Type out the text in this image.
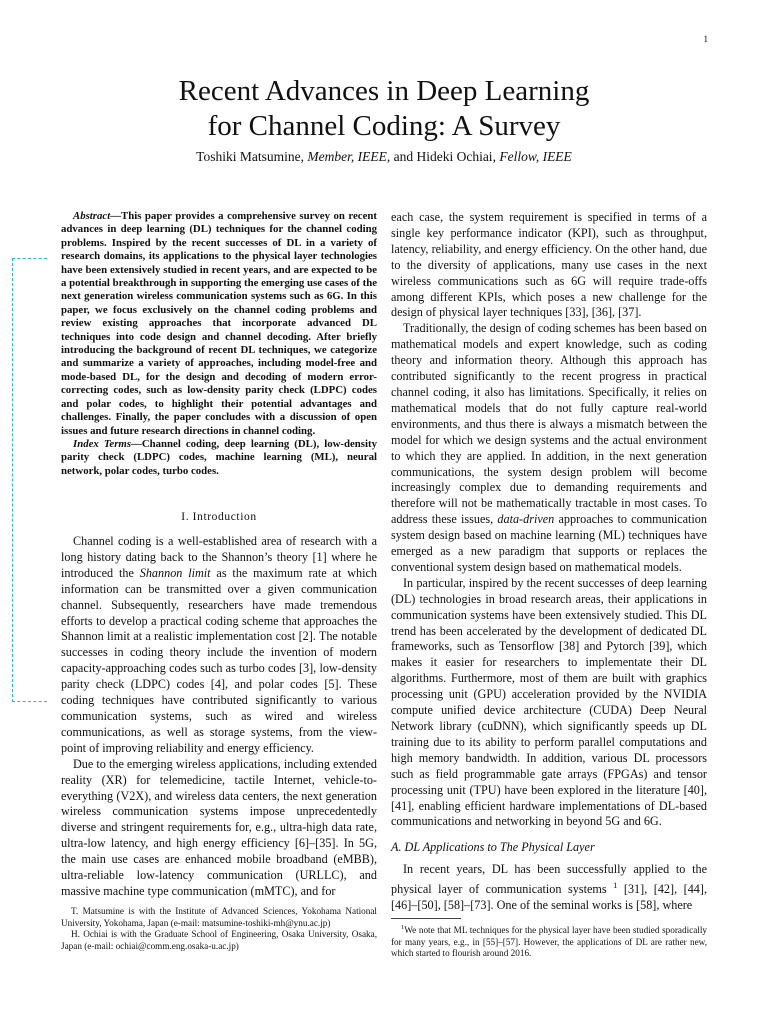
1
Recent Advances in Deep Learning
for Channel Coding: A Survey
Toshiki Matsumine, Member, IEEE, and Hideki Ochiai, Fellow, IEEE

Abstract—This paper provides a comprehensive survey on recent advances in deep learning (DL) techniques for the channel coding problems. Inspired by the recent successes of DL in a variety of research domains, its applications to the physical layer technologies have been extensively studied in recent years, and are expected to be a potential breakthrough in supporting the emerging use cases of the next generation wireless communication systems such as 6G. In this paper, we focus exclusively on the channel coding problems and review existing approaches that incorporate advanced DL techniques into code design and channel decoding. After briefly introducing the background of recent DL techniques, we categorize and summarize a variety of approaches, including model-free and mode-based DL, for the design and decoding of modern error-correcting codes, such as low-density parity check (LDPC) codes and polar codes, to highlight their potential advantages and challenges. Finally, the paper concludes with a discussion of open issues and future research directions in channel coding.

Index Terms—Channel coding, deep learning (DL), low-density parity check (LDPC) codes, machine learning (ML), neural network, polar codes, turbo codes.

I. Introduction

Channel coding is a well-established area of research with a long history dating back to the Shannon’s theory [1] where he introduced the Shannon limit as the maximum rate at which information can be transmitted over a given communication channel. Subsequently, researchers have made tremendous efforts to develop a practical coding scheme that approaches the Shannon limit at a realistic implementation cost [2]. The notable successes in coding theory include the invention of modern capacity-approaching codes such as turbo codes [3], low-density parity check (LDPC) codes [4], and polar codes [5]. These coding techniques have contributed significantly to various communication systems, such as wired and wireless communications, as well as storage systems, from the view-point of improving reliability and energy efficiency.

Due to the emerging wireless applications, including extended reality (XR) for telemedicine, tactile Internet, vehicle-to-everything (V2X), and wireless data centers, the next generation wireless communication systems impose unprecedentedly diverse and stringent requirements for, e.g., ultra-high data rate, ultra-low latency, and high energy efficiency [6]–[35]. In 5G, the main use cases are enhanced mobile broadband (eMBB), ultra-reliable low-latency communication (URLLC), and massive machine type communication (mMTC), and for

each case, the system requirement is specified in terms of a single key performance indicator (KPI), such as throughput, latency, reliability, and energy efficiency. On the other hand, due to the diversity of applications, many use cases in the next wireless communications such as 6G will require trade-offs among different KPIs, which poses a new challenge for the design of physical layer techniques [33], [36], [37].

Traditionally, the design of coding schemes has been based on mathematical models and expert knowledge, such as coding theory and information theory. Although this approach has contributed significantly to the recent progress in practical channel coding, it also has limitations. Specifically, it relies on mathematical models that do not fully capture real-world environments, and thus there is always a mismatch between the model for which we design systems and the actual environment to which they are applied. In addition, in the next generation communications, the system design problem will become increasingly complex due to demanding requirements and therefore will not be mathematically tractable in most cases. To address these issues, data-driven approaches to communication system design based on machine learning (ML) techniques have emerged as a new paradigm that supports or replaces the conventional system design based on mathematical models.

In particular, inspired by the recent successes of deep learning (DL) technologies in broad research areas, their applications in communication systems have been extensively studied. This DL trend has been accelerated by the development of dedicated DL frameworks, such as Tensorflow [38] and Pytorch [39], which makes it easier for researchers to implementate their DL algorithms. Furthermore, most of them are built with graphics processing unit (GPU) acceleration provided by the NVIDIA compute unified device architecture (CUDA) Deep Neural Network library (cuDNN), which significantly speeds up DL training due to its ability to perform parallel computations and high memory bandwidth. In addition, various DL processors such as field programmable gate arrays (FPGAs) and tensor processing unit (TPU) have been explored in the literature [40], [41], enabling efficient hardware implementations of DL-based communications and networking in beyond 5G and 6G.

A. DL Applications to The Physical Layer

In recent years, DL has been successfully applied to the physical layer of communication systems $^1$ [31], [42], [44], [46]–[50], [58]–[73]. One of the seminal works is [58], where

T. Matsumine is with the Institute of Advanced Sciences, Yokohama National University, Yokohama, Japan (e-mail: matsumine-toshiki-mh@ynu.ac.jp)

H. Ochiai is with the Graduate School of Engineering, Osaka University, Osaka, Japan (e-mail: ochiai@comm.eng.osaka-u.ac.jp)

$^1$We note that ML techniques for the physical layer have been studied sporadically for many years, e.g., in [55]–[57]. However, the applications of DL are rather new, which started to flourish around 2016.
